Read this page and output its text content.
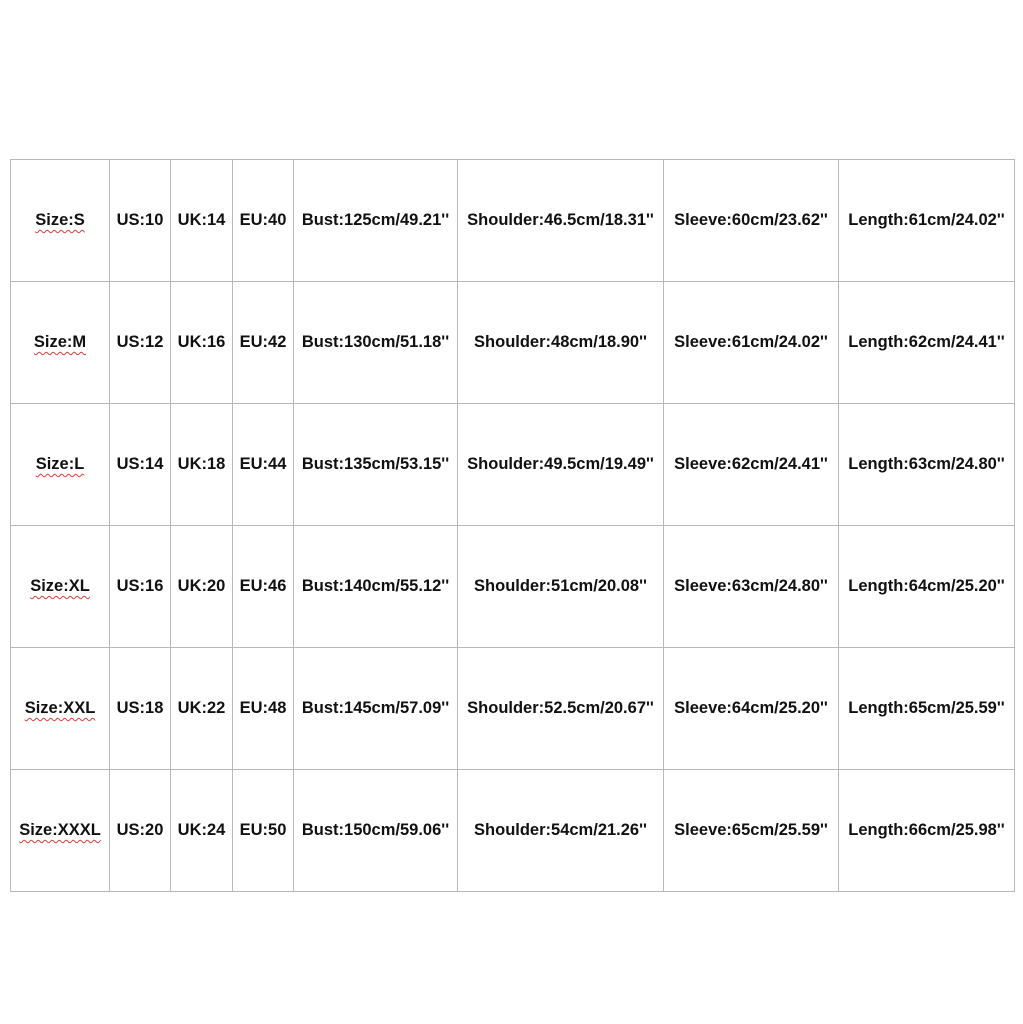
Size:S	US:10	UK:14	EU:40	Bust:125cm/49.21''	Shoulder:46.5cm/18.31''	Sleeve:60cm/23.62''	Length:61cm/24.02''
Size:M	US:12	UK:16	EU:42	Bust:130cm/51.18''	Shoulder:48cm/18.90''	Sleeve:61cm/24.02''	Length:62cm/24.41''
Size:L	US:14	UK:18	EU:44	Bust:135cm/53.15''	Shoulder:49.5cm/19.49''	Sleeve:62cm/24.41''	Length:63cm/24.80''
Size:XL	US:16	UK:20	EU:46	Bust:140cm/55.12''	Shoulder:51cm/20.08''	Sleeve:63cm/24.80''	Length:64cm/25.20''
Size:XXL	US:18	UK:22	EU:48	Bust:145cm/57.09''	Shoulder:52.5cm/20.67''	Sleeve:64cm/25.20''	Length:65cm/25.59''
Size:XXXL	US:20	UK:24	EU:50	Bust:150cm/59.06''	Shoulder:54cm/21.26''	Sleeve:65cm/25.59''	Length:66cm/25.98''
